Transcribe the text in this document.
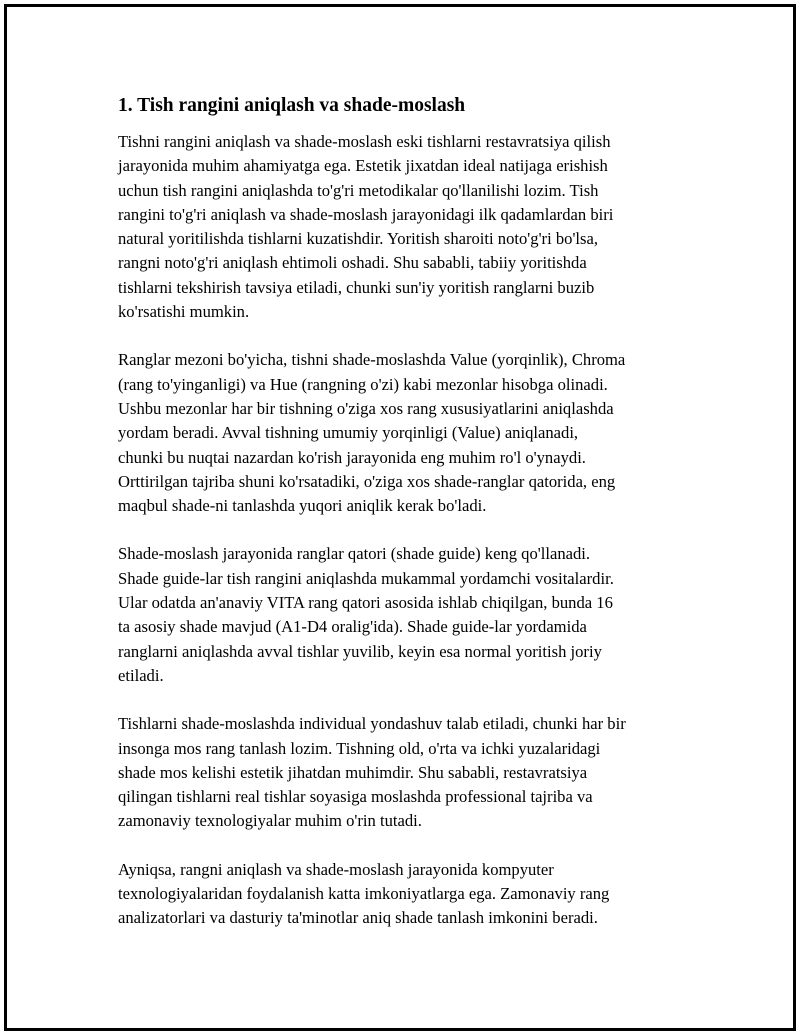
1. Tish rangini aniqlash va shade-moslash
Tishni rangini aniqlash va shade-moslash eski tishlarni restavratsiya qilish
jarayonida muhim ahamiyatga ega. Estetik jixatdan ideal natijaga erishish
uchun tish rangini aniqlashda to'g'ri metodikalar qo'llanilishi lozim. Tish
rangini to'g'ri aniqlash va shade-moslash jarayonidagi ilk qadamlardan biri
natural yoritilishda tishlarni kuzatishdir. Yoritish sharoiti noto'g'ri bo'lsa,
rangni noto'g'ri aniqlash ehtimoli oshadi. Shu sababli, tabiiy yoritishda
tishlarni tekshirish tavsiya etiladi, chunki sun'iy yoritish ranglarni buzib
ko'rsatishi mumkin.
Ranglar mezoni bo'yicha, tishni shade-moslashda Value (yorqinlik), Chroma
(rang to'yinganligi) va Hue (rangning o'zi) kabi mezonlar hisobga olinadi.
Ushbu mezonlar har bir tishning o'ziga xos rang xususiyatlarini aniqlashda
yordam beradi. Avval tishning umumiy yorqinligi (Value) aniqlanadi,
chunki bu nuqtai nazardan ko'rish jarayonida eng muhim ro'l o'ynaydi.
Orttirilgan tajriba shuni ko'rsatadiki, o'ziga xos shade-ranglar qatorida, eng
maqbul shade-ni tanlashda yuqori aniqlik kerak bo'ladi.
Shade-moslash jarayonida ranglar qatori (shade guide) keng qo'llanadi.
Shade guide-lar tish rangini aniqlashda mukammal yordamchi vositalardir.
Ular odatda an'anaviy VITA rang qatori asosida ishlab chiqilgan, bunda 16
ta asosiy shade mavjud (A1-D4 oralig'ida). Shade guide-lar yordamida
ranglarni aniqlashda avval tishlar yuvilib, keyin esa normal yoritish joriy
etiladi.
Tishlarni shade-moslashda individual yondashuv talab etiladi, chunki har bir
insonga mos rang tanlash lozim. Tishning old, o'rta va ichki yuzalaridagi
shade mos kelishi estetik jihatdan muhimdir. Shu sababli, restavratsiya
qilingan tishlarni real tishlar soyasiga moslashda professional tajriba va
zamonaviy texnologiyalar muhim o'rin tutadi.
Ayniqsa, rangni aniqlash va shade-moslash jarayonida kompyuter
texnologiyalaridan foydalanish katta imkoniyatlarga ega. Zamonaviy rang
analizatorlari va dasturiy ta'minotlar aniq shade tanlash imkonini beradi.
